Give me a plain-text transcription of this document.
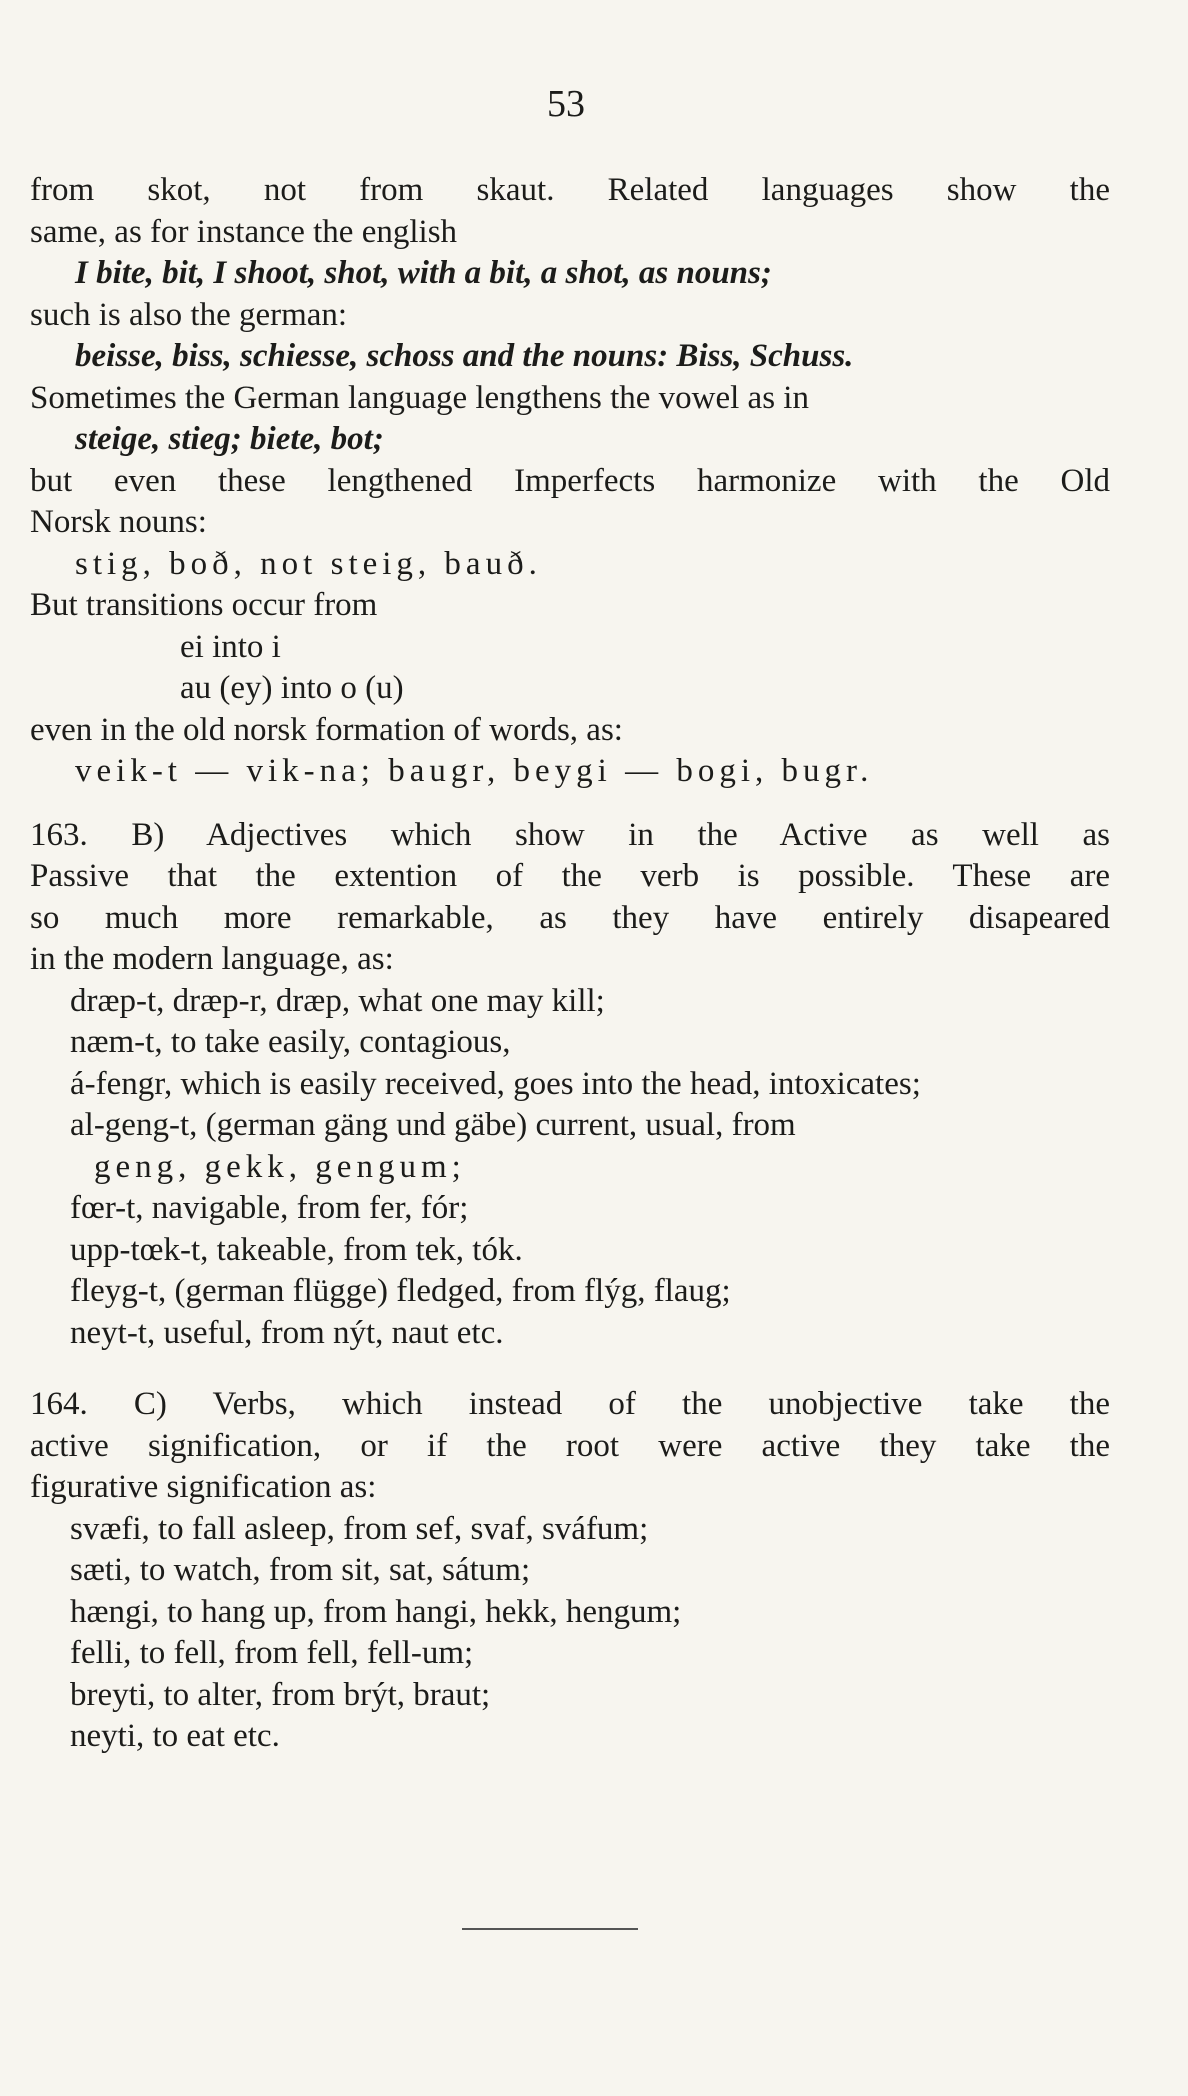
53
from skot, not from skaut. Related languages show the
same, as for instance the english
I bite, bit, I shoot, shot, with a bit, a shot, as nouns;
such is also the german:
beisse, biss, schiesse, schoss and the nouns: Biss, Schuss.
Sometimes the German language lengthens the vowel as in
steige, stieg; biete, bot;
but even these lengthened Imperfects harmonize with the Old
Norsk nouns:
stig, boð, not steig, bauð.
But transitions occur from
ei into i
au (ey) into o (u)
even in the old norsk formation of words, as:
veik-t — vik-na; baugr, beygi — bogi, bugr.
163. B) Adjectives which show in the Active as well as
Passive that the extention of the verb is possible. These are
so much more remarkable, as they have entirely disapeared
in the modern language, as:
dræp-t, dræp-r, dræp, what one may kill;
næm-t, to take easily, contagious,
á-fengr, which is easily received, goes into the head, intoxicates;
al-geng-t, (german gäng und gäbe) current, usual, from
geng, gekk, gengum;
fœr-t, navigable, from fer, fór;
upp-tœk-t, takeable, from tek, tók.
fleyg-t, (german flügge) fledged, from flýg, flaug;
neyt-t, useful, from nýt, naut etc.
164. C) Verbs, which instead of the unobjective take the
active signification, or if the root were active they take the
figurative signification as:
svæfi, to fall asleep, from sef, svaf, sváfum;
sæti, to watch, from sit, sat, sátum;
hængi, to hang up, from hangi, hekk, hengum;
felli, to fell, from fell, fell-um;
breyti, to alter, from brýt, braut;
neyti, to eat etc.
